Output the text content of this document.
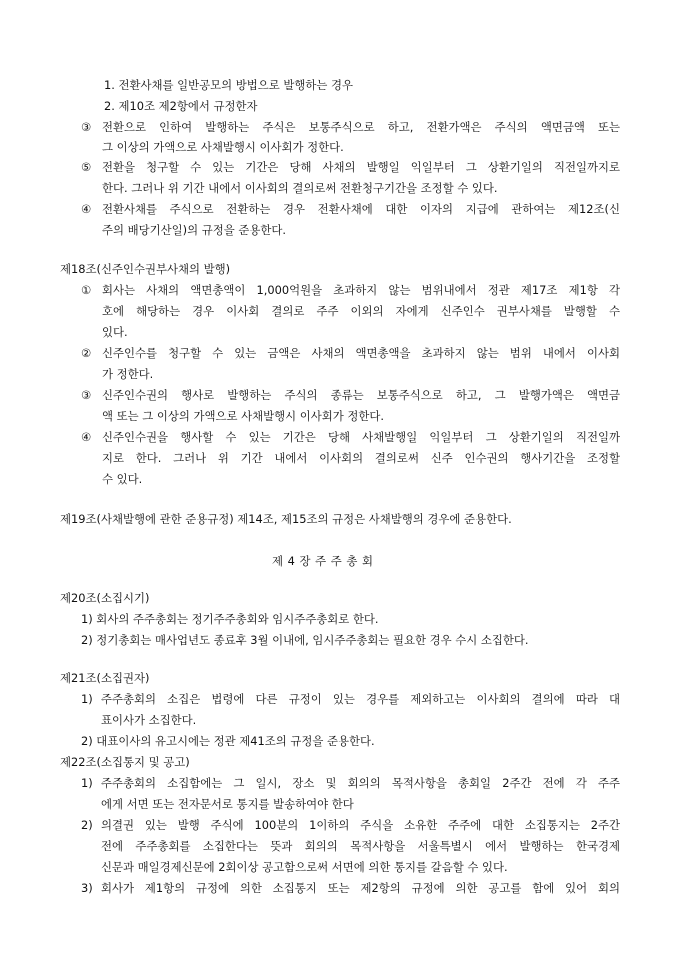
1. 전환사채를 일반공모의 방법으로 발행하는 경우
2. 제10조 제2항에서 규정한자
③ 전환으로 인하여 발행하는 주식은 보통주식으로 하고, 전환가액은 주식의 액면금액 또는
그 이상의 가액으로 사채발행시 이사회가 정한다.
⑤ 전환을 청구할 수 있는 기간은 당해 사채의 발행일 익일부터 그 상환기일의 직전일까지로
한다. 그러나 위 기간 내에서 이사회의 결의로써 전환청구기간을 조정할 수 있다.
④ 전환사채를 주식으로 전환하는 경우 전환사채에 대한 이자의 지급에 관하여는 제12조(신
주의 배당기산일)의 규정을 준용한다.
제18조(신주인수권부사채의 발행)
① 회사는 사채의 액면총액이 1,000억원을 초과하지 않는 범위내에서 정관 제17조 제1항 각
호에 해당하는 경우 이사회 결의로 주주 이외의 자에게 신주인수 권부사채를 발행할 수
있다.
② 신주인수를 청구할 수 있는 금액은 사채의 액면총액을 초과하지 않는 범위 내에서 이사회
가 정한다.
③ 신주인수권의 행사로 발행하는 주식의 종류는 보통주식으로 하고, 그 발행가액은 액면금
액 또는 그 이상의 가액으로 사채발행시 이사회가 정한다.
④ 신주인수권을 행사할 수 있는 기간은 당해 사채발행일 익일부터 그 상환기일의 직전일까
지로 한다. 그러나 위 기간 내에서 이사회의 결의로써 신주 인수권의 행사기간을 조정할
수 있다.
제19조(사채발행에 관한 준용규정) 제14조, 제15조의 규정은 사채발행의 경우에 준용한다.
제 4 장 주 주 총 회
제20조(소집시기)
1) 회사의 주주총회는 정기주주총회와 임시주주총회로 한다.
2) 정기총회는 매사업년도 종료후 3월 이내에, 임시주주총회는 필요한 경우 수시 소집한다.
제21조(소집권자)
1) 주주총회의 소집은 법령에 다른 규정이 있는 경우를 제외하고는 이사회의 결의에 따라 대
표이사가 소집한다.
2) 대표이사의 유고시에는 정관 제41조의 규정을 준용한다.
제22조(소집통지 및 공고)
1) 주주총회의 소집함에는 그 일시, 장소 및 회의의 목적사항을 총회일 2주간 전에 각 주주
에게 서면 또는 전자문서로 통지를 발송하여야 한다
2) 의결권 있는 발행 주식에 100분의 1이하의 주식을 소유한 주주에 대한 소집통지는 2주간
전에 주주총회를 소집한다는 뜻과 회의의 목적사항을 서울특별시 에서 발행하는 한국경제
신문과 매일경제신문에 2회이상 공고함으로써 서면에 의한 통지를 갈음할 수 있다.
3) 회사가 제1항의 규정에 의한 소집통지 또는 제2항의 규정에 의한 공고를 함에 있어 회의
